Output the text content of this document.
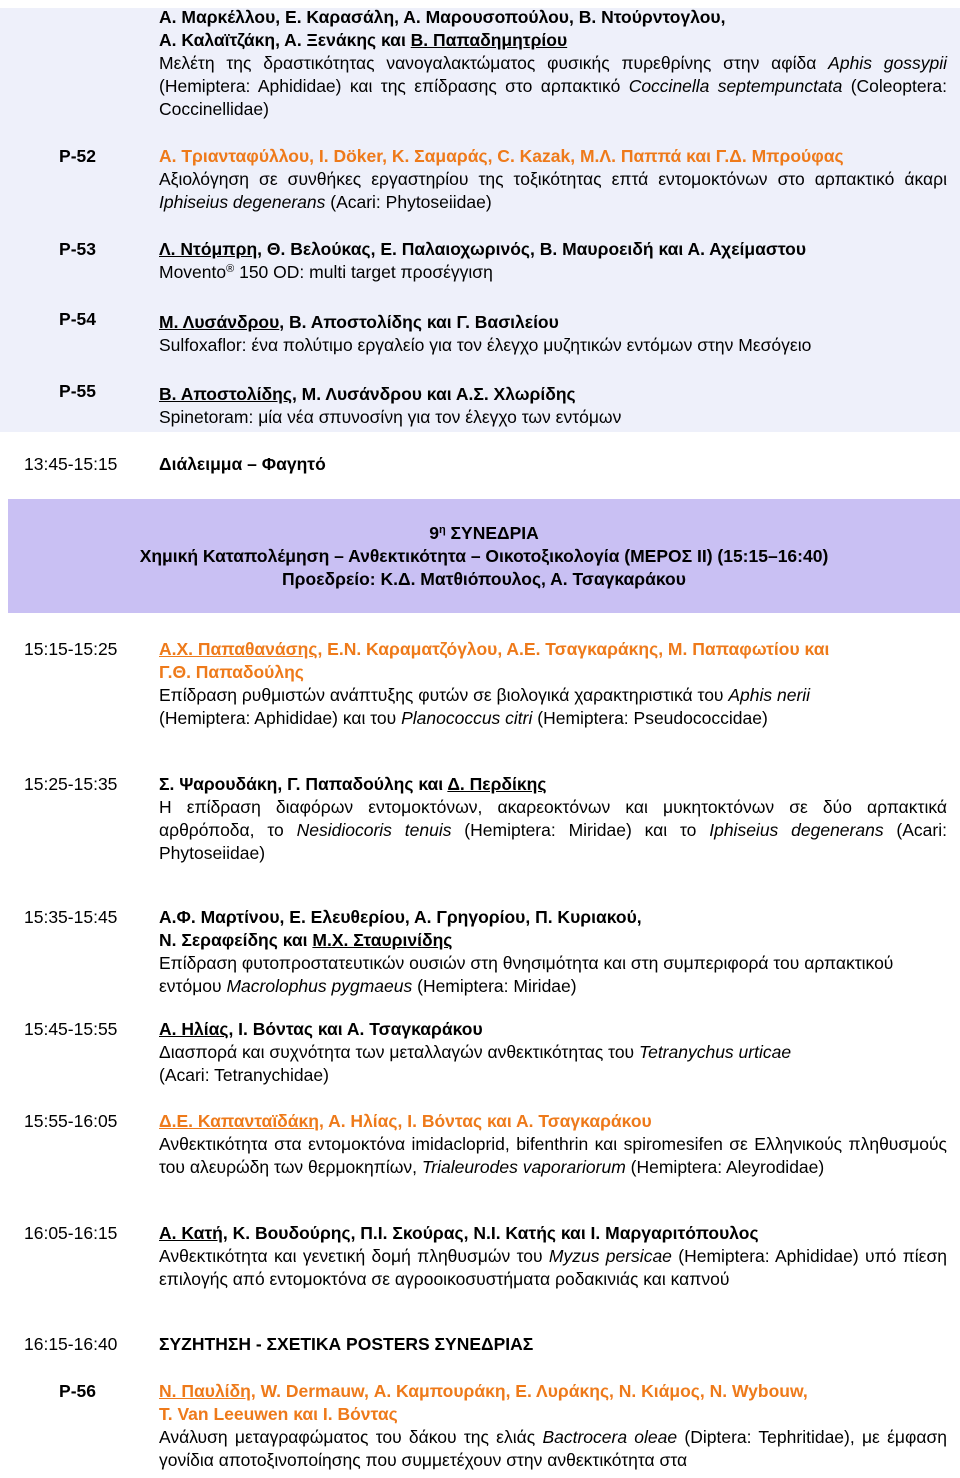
Α. Μαρκέλλου, Ε. Καρασάλη, Α. Μαρουσοπούλου, Β. Ντούρντογλου,
Α. Καλαϊτζάκη, Α. Ξενάκης και Β. Παπαδημητρίου
Μελέτη της δραστικότητας νανογαλακτώματος φυσικής πυρεθρίνης στην αφίδα Aphis gossypii (Hemiptera: Aphididae) και της επίδρασης στο αρπακτικό Coccinella septempunctata (Coleoptera: Coccinellidae)
P-52	Α. Τριανταφύλλου, Ι. Döker, Κ. Σαμαράς, C. Kazak, Μ.Λ. Παππά και Γ.Δ. Μπρούφας
Αξιολόγηση σε συνθήκες εργαστηρίου της τοξικότητας επτά εντομοκτόνων στο αρπακτικό άκαρι Iphiseius degenerans (Acari: Phytoseiidae)
P-53	Λ. Ντόμπρη, Θ. Βελούκας, Ε. Παλαιοχωρινός, Β. Μαυροειδή και Α. Αχείμαστου
Movento® 150 OD: multi target προσέγγιση
P-54	Μ. Λυσάνδρου, Β. Αποστολίδης και Γ. Βασιλείου
Sulfoxaflor: ένα πολύτιμο εργαλείο για τον έλεγχο μυζητικών εντόμων στην Μεσόγειο
P-55	Β. Αποστολίδης, Μ. Λυσάνδρου και Α.Σ. Χλωρίδης
Spinetoram: μία νέα σπυνοσίνη για τον έλεγχο των εντόμων
13:45-15:15	Διάλειμμα – Φαγητό
$9^\eta$ ΣΥΝΕΔΡΙΑ
Χημική Καταπολέμηση – Ανθεκτικότητα – Οικοτοξικολογία (ΜΕΡΟΣ ΙΙ) (15:15–16:40)
Προεδρείο: Κ.Δ. Ματθιόπουλος, Α. Τσαγκαράκου
15:15-15:25	Α.Χ. Παπαθανάσης, Ε.Ν. Καραματζόγλου, Α.Ε. Τσαγκαράκης, Μ. Παπαφωτίου και
Γ.Θ. Παπαδούλης
Επίδραση ρυθμιστών ανάπτυξης φυτών σε βιολογικά χαρακτηριστικά του Aphis nerii
(Hemiptera: Aphididae) και του Planococcus citri (Hemiptera: Pseudococcidae)
15:25-15:35	Σ. Ψαρουδάκη, Γ. Παπαδούλης και Δ. Περδίκης
Η επίδραση διαφόρων εντομοκτόνων, ακαρεοκτόνων και μυκητοκτόνων σε δύο αρπακτικά αρθρόποδα, το Nesidiocoris tenuis (Hemiptera: Miridae) και το Iphiseius degenerans (Acari: Phytoseiidae)
15:35-15:45	Α.Φ. Μαρτίνου, Ε. Ελευθερίου, Α. Γρηγορίου, Π. Κυριακού,
Ν. Σεραφείδης και Μ.Χ. Σταυρινίδης
Επίδραση φυτοπροστατευτικών ουσιών στη θνησιμότητα και στη συμπεριφορά του αρπακτικού εντόμου Macrolophus pygmaeus (Hemiptera: Miridae)
15:45-15:55	Α. Ηλίας, Ι. Βόντας και Α. Τσαγκαράκου
Διασπορά και συχνότητα των μεταλλαγών ανθεκτικότητας του Tetranychus urticae
(Acari: Tetranychidae)
15:55-16:05	Δ.Ε. Καπανταϊδάκη, Α. Ηλίας, Ι. Βόντας και Α. Τσαγκαράκου
Ανθεκτικότητα στα εντομοκτόνα imidacloprid, bifenthrin και spiromesifen σε Ελληνικούς πληθυσμούς του αλευρώδη των θερμοκηπίων, Trialeurodes vaporariorum (Hemiptera: Aleyrodidae)
16:05-16:15	Α. Κατή, Κ. Βουδούρης, Π.Ι. Σκούρας, Ν.Ι. Κατής και Ι. Μαργαριτόπουλος
Ανθεκτικότητα και γενετική δομή πληθυσμών του Myzus persicae (Hemiptera: Aphididae) υπό πίεση επιλογής από εντομοκτόνα σε αγροοικοσυστήματα ροδακινιάς και καπνού
16:15-16:40	ΣΥΖΗΤΗΣΗ - ΣΧΕΤΙΚΑ POSTERS ΣΥΝΕΔΡΙΑΣ
P-56	Ν. Παυλίδη, W. Dermauw, Α. Καμπουράκη, Ε. Λυράκης, Ν. Κιάμος, Ν. Wybouw,
T. Van Leeuwen και Ι. Βόντας
Ανάλυση μεταγραφώματος του δάκου της ελιάς Bactrocera oleae (Diptera: Tephritidae), με έμφαση γονίδια αποτοξινοποίησης που συμμετέχουν στην ανθεκτικότητα στα
